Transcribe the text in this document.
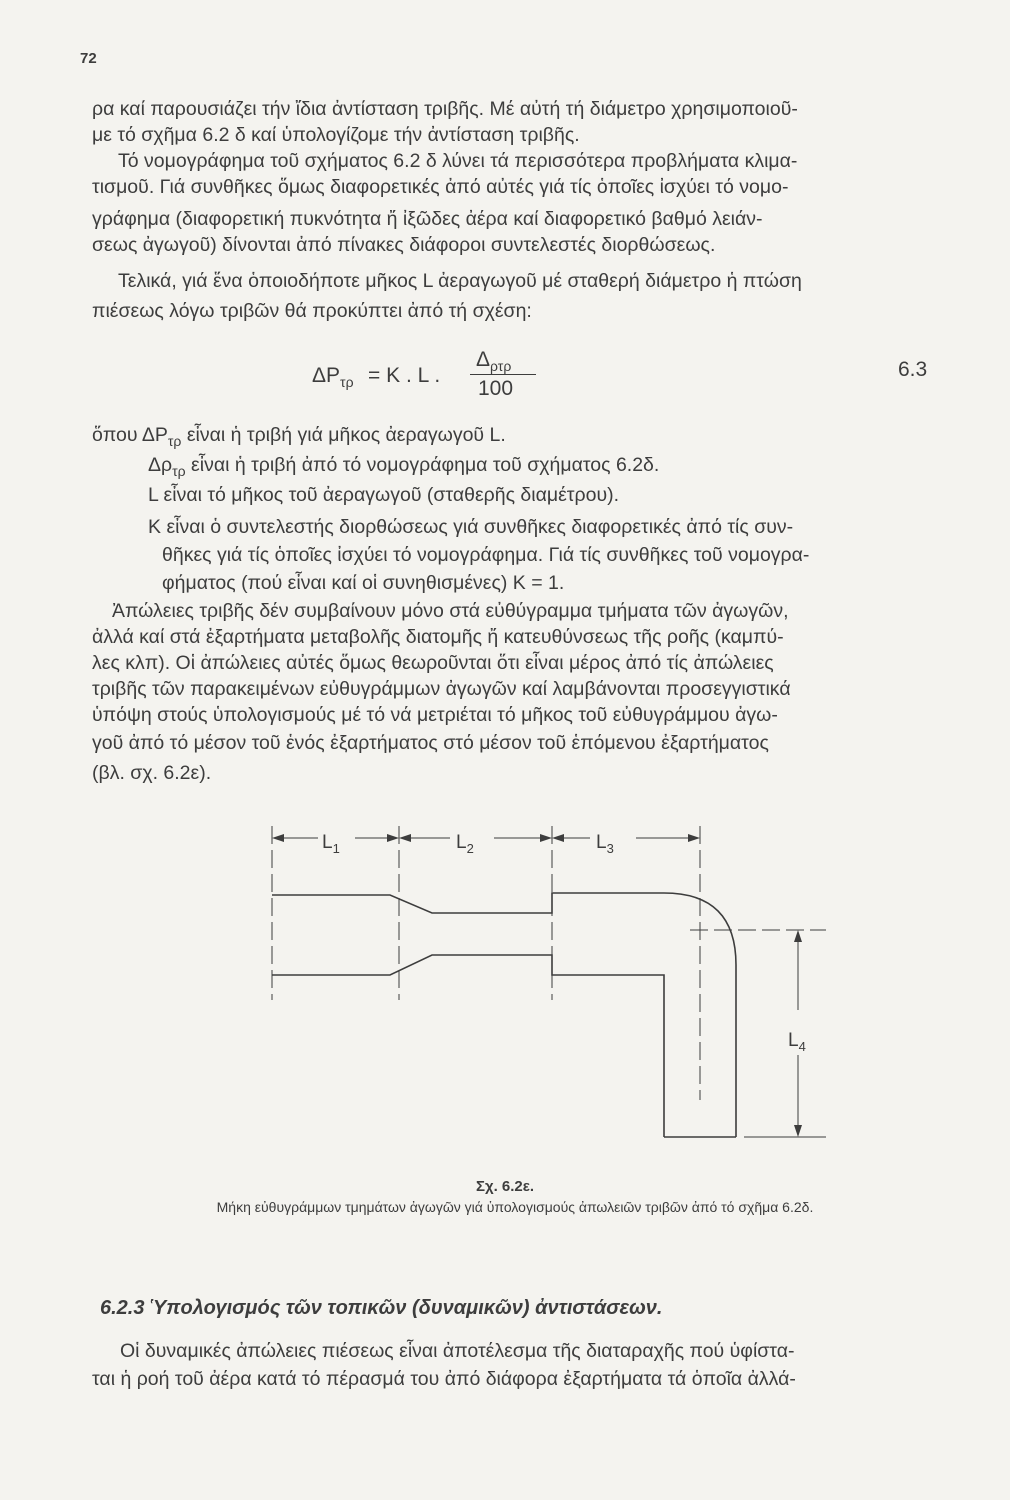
72
ρα καί παρουσιάζει τήν ἴδια ἀντίσταση τριβῆς. Μέ αὐτή τή διάμετρο χρησιμοποιοῦ-
με τό σχῆμα 6.2 δ καί ὑπολογίζομε τήν ἀντίσταση τριβῆς.
Τό νομογράφημα τοῦ σχήματος 6.2 δ λύνει τά περισσότερα προβλήματα κλιμα-
τισμοῦ. Γιά συνθῆκες ὅμως διαφορετικές ἀπό αὐτές γιά τίς ὁποῖες ἰσχύει τό νομο-
γράφημα (διαφορετική πυκνότητα ἤ ἰξῶδες ἀέρα καί διαφορετικό βαθμό λειάν-
σεως ἀγωγοῦ) δίνονται ἀπό πίνακες διάφοροι συντελεστές διορθώσεως.
Τελικά, γιά ἕνα ὁποιοδήποτε μῆκος L ἀεραγωγοῦ μέ σταθερή διάμετρο ἡ πτώση
πιέσεως λόγω τριβῶν θά προκύπτει ἀπό τή σχέση:
$\Delta P_{\tau\rho} = K$ . L .
$\Delta_{\rho\tau\rho}$
100
6.3
ὅπου $\Delta P_{\tau\rho}$ εἶναι ἡ τριβή γιά μῆκος ἀεραγωγοῦ L.
$\Delta\rho_{\tau\rho}$ εἶναι ἡ τριβή ἀπό τό νομογράφημα τοῦ σχήματος 6.2δ.
L εἶναι τό μῆκος τοῦ ἀεραγωγοῦ (σταθερῆς διαμέτρου).
Κ εἶναι ὁ συντελεστής διορθώσεως γιά συνθῆκες διαφορετικές ἀπό τίς συν-
θῆκες γιά τίς ὁποῖες ἰσχύει τό νομογράφημα. Γιά τίς συνθῆκες τοῦ νομογρα-
φήματος (πού εἶναι καί οἱ συνηθισμένες) Κ = 1.
Ἀπώλειες τριβῆς δέν συμβαίνουν μόνο στά εὐθύγραμμα τμήματα τῶν ἀγωγῶν,
ἀλλά καί στά ἐξαρτήματα μεταβολῆς διατομῆς ἤ κατευθύνσεως τῆς ροῆς (καμπύ-
λες κλπ). Οἱ ἀπώλειες αὐτές ὅμως θεωροῦνται ὅτι εἶναι μέρος ἀπό τίς ἀπώλειες
τριβῆς τῶν παρακειμένων εὐθυγράμμων ἀγωγῶν καί λαμβάνονται προσεγγιστικά
ὑπόψη στούς ὑπολογισμούς μέ τό νά μετριέται τό μῆκος τοῦ εὐθυγράμμου ἀγω-
γοῦ ἀπό τό μέσον τοῦ ἑνός ἐξαρτήματος στό μέσον τοῦ ἑπόμενου ἐξαρτήματος
(βλ. σχ. 6.2ε).
$L_1$	$L_2$	$L_3$
$L_4$
Σχ. 6.2ε.
Μήκη εὐθυγράμμων τμημάτων ἀγωγῶν γιά ὑπολογισμούς ἀπωλειῶν τριβῶν ἀπό τό σχῆμα 6.2δ.
6.2.3 Ὑπολογισμός τῶν τοπικῶν (δυναμικῶν) ἀντιστάσεων.
Οἱ δυναμικές ἀπώλειες πιέσεως εἶναι ἀποτέλεσμα τῆς διαταραχῆς πού ὑφίστα-
ται ἡ ροή τοῦ ἀέρα κατά τό πέρασμά του ἀπό διάφορα ἐξαρτήματα τά ὁποῖα ἀλλά-
